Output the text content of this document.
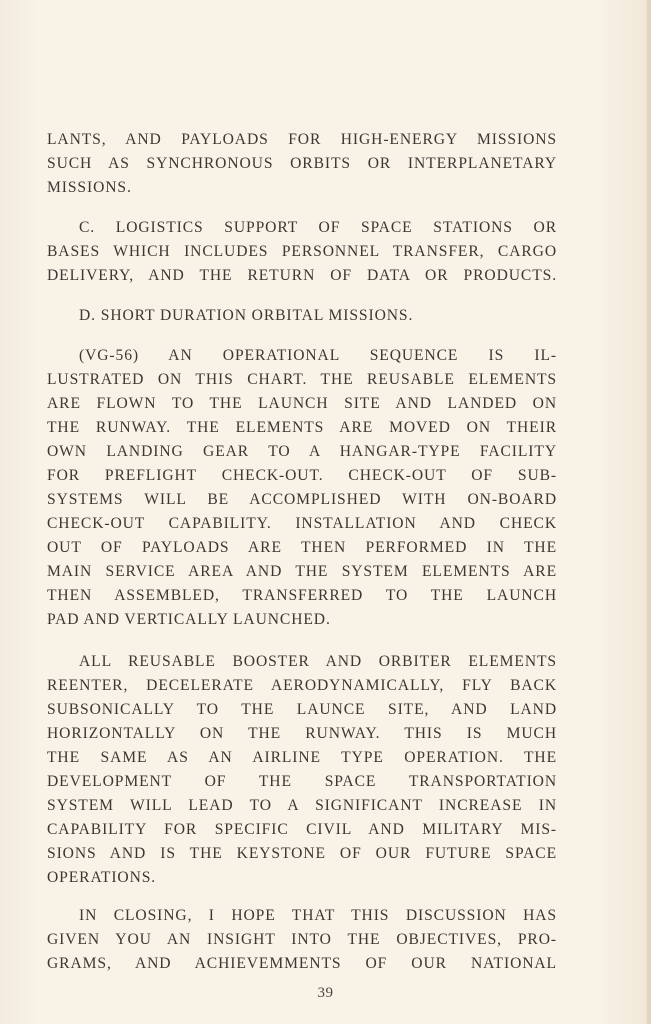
LANTS, AND PAYLOADS FOR HIGH-ENERGY MISSIONS
SUCH AS SYNCHRONOUS ORBITS OR INTERPLANETARY
MISSIONS.
C. LOGISTICS SUPPORT OF SPACE STATIONS OR
BASES WHICH INCLUDES PERSONNEL TRANSFER, CARGO
DELIVERY, AND THE RETURN OF DATA OR PRODUCTS.
D. SHORT DURATION ORBITAL MISSIONS.
(VG-56) AN OPERATIONAL SEQUENCE IS IL-
LUSTRATED ON THIS CHART. THE REUSABLE ELEMENTS
ARE FLOWN TO THE LAUNCH SITE AND LANDED ON
THE RUNWAY. THE ELEMENTS ARE MOVED ON THEIR
OWN LANDING GEAR TO A HANGAR-TYPE FACILITY
FOR PREFLIGHT CHECK-OUT. CHECK-OUT OF SUB-
SYSTEMS WILL BE ACCOMPLISHED WITH ON-BOARD
CHECK-OUT CAPABILITY. INSTALLATION AND CHECK
OUT OF PAYLOADS ARE THEN PERFORMED IN THE
MAIN SERVICE AREA AND THE SYSTEM ELEMENTS ARE
THEN ASSEMBLED, TRANSFERRED TO THE LAUNCH
PAD AND VERTICALLY LAUNCHED.
ALL REUSABLE BOOSTER AND ORBITER ELEMENTS
REENTER, DECELERATE AERODYNAMICALLY, FLY BACK
SUBSONICALLY TO THE LAUNCE SITE, AND LAND
HORIZONTALLY ON THE RUNWAY. THIS IS MUCH
THE SAME AS AN AIRLINE TYPE OPERATION. THE
DEVELOPMENT OF THE SPACE TRANSPORTATION
SYSTEM WILL LEAD TO A SIGNIFICANT INCREASE IN
CAPABILITY FOR SPECIFIC CIVIL AND MILITARY MIS-
SIONS AND IS THE KEYSTONE OF OUR FUTURE SPACE
OPERATIONS.
IN CLOSING, I HOPE THAT THIS DISCUSSION HAS
GIVEN YOU AN INSIGHT INTO THE OBJECTIVES, PRO-
GRAMS, AND ACHIEVEMMENTS OF OUR NATIONAL
39
